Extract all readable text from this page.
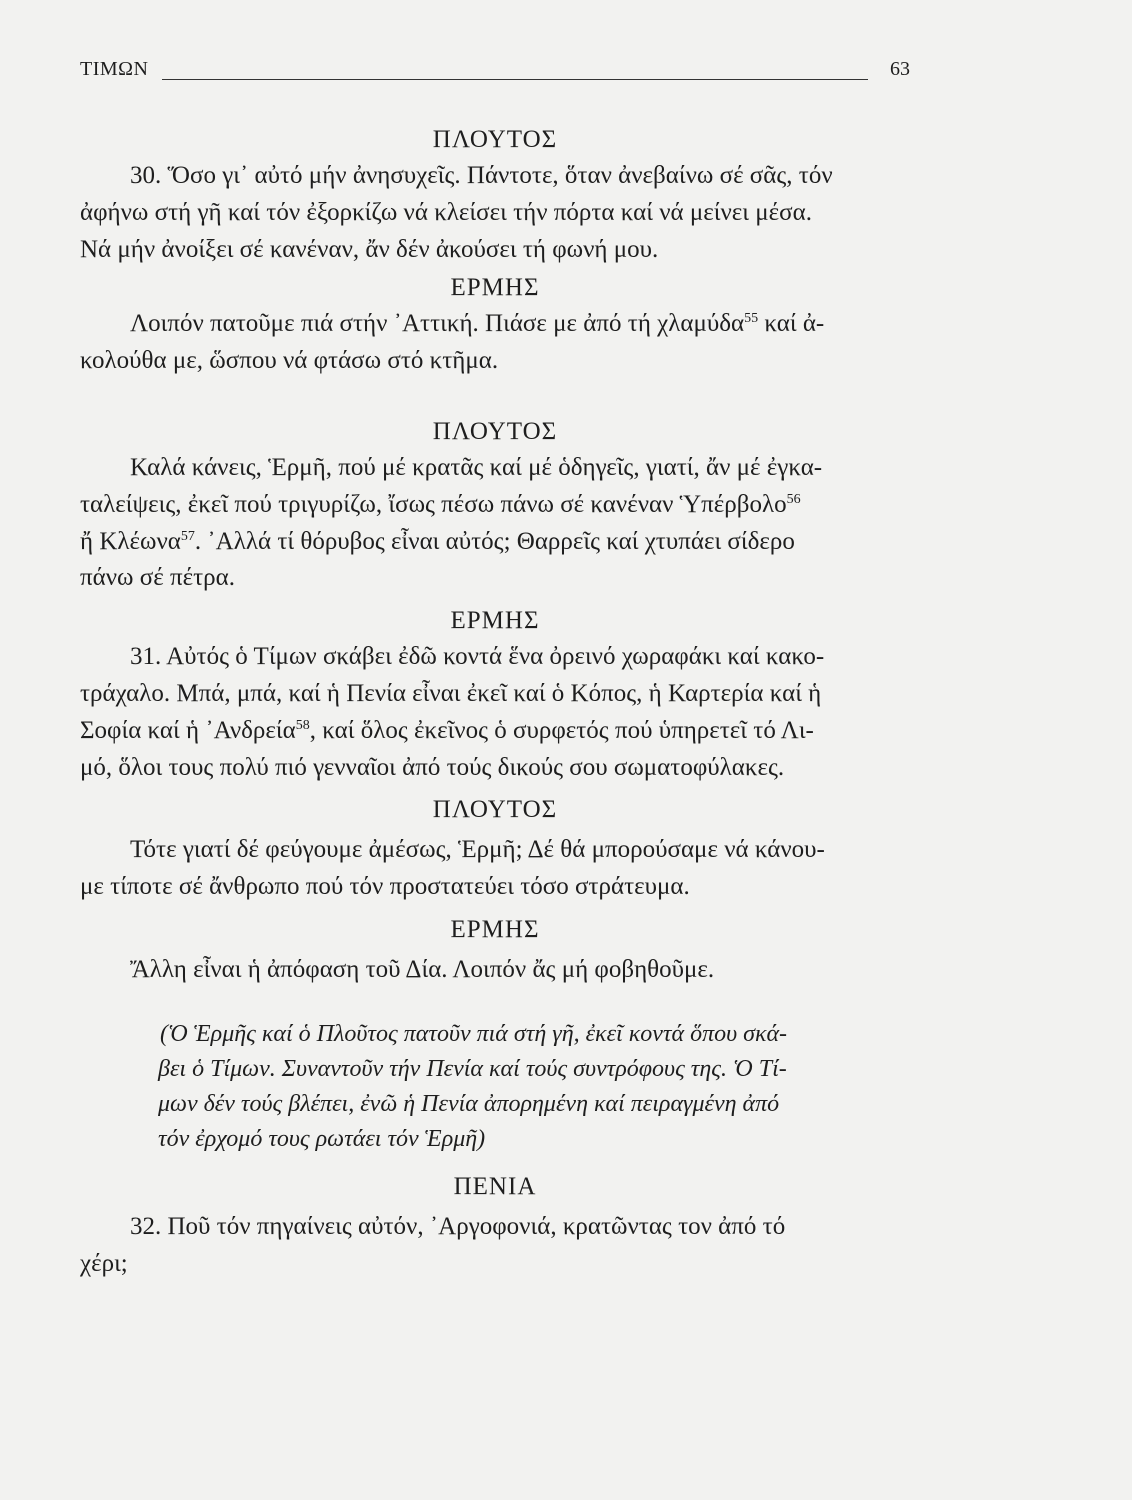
ΤΙΜΩΝ	63
ΠΛΟΥΤΟΣ

30. Ὅσο γι᾽ αὐτό μήν ἀνησυχεῖς. Πάντοτε, ὅταν ἀνεβαίνω σέ σᾶς, τόν

ἀφήνω στή γῆ καί τόν ἐξορκίζω νά κλείσει τήν πόρτα καί νά μείνει μέσα.

Νά μήν ἀνοίξει σέ κανέναν, ἄν δέν ἀκούσει τή φωνή μου.

ΕΡΜΗΣ

Λοιπόν πατοῦμε πιά στήν ᾿Αττική. Πιάσε με ἀπό τή χλαμύδα$^{55}$ καί ἀ-

κολούθα με, ὥσπου νά φτάσω στό κτῆμα.

ΠΛΟΥΤΟΣ

Καλά κάνεις, Ἑρμῆ, πού μέ κρατᾶς καί μέ ὁδηγεῖς, γιατί, ἄν μέ ἐγκα-

ταλείψεις, ἐκεῖ πού τριγυρίζω, ἴσως πέσω πάνω σέ κανέναν Ὑπέρβολο$^{56}$

ἤ Κλέωνα$^{57}$. ᾿Αλλά τί θόρυβος εἶναι αὐτός; Θαρρεῖς καί χτυπάει σίδερο

πάνω σέ πέτρα.

ΕΡΜΗΣ

31. Αὐτός ὁ Τίμων σκάβει ἐδῶ κοντά ἕνα ὀρεινό χωραφάκι καί κακο-

τράχαλο. Μπά, μπά, καί ἡ Πενία εἶναι ἐκεῖ καί ὁ Κόπος, ἡ Καρτερία καί ἡ

Σοφία καί ἡ ᾿Ανδρεία$^{58}$, καί ὅλος ἐκεῖνος ὁ συρφετός πού ὑπηρετεῖ τό Λι-

μό, ὅλοι τους πολύ πιό γενναῖοι ἀπό τούς δικούς σου σωματοφύλακες.

ΠΛΟΥΤΟΣ

Τότε γιατί δέ φεύγουμε ἀμέσως, Ἑρμῆ; Δέ θά μπορούσαμε νά κάνου-

με τίποτε σέ ἄνθρωπο πού τόν προστατεύει τόσο στράτευμα.

ΕΡΜΗΣ

Ἄλλη εἶναι ἡ ἀπόφαση τοῦ Δία. Λοιπόν ἄς μή φοβηθοῦμε.

(Ὁ Ἑρμῆς καί ὁ Πλοῦτος πατοῦν πιά στή γῆ, ἐκεῖ κοντά ὅπου σκά-

βει ὁ Τίμων. Συναντοῦν τήν Πενία καί τούς συντρόφους της. Ὁ Τί-

μων δέν τούς βλέπει, ἐνῶ ἡ Πενία ἀπορημένη καί πειραγμένη ἀπό

τόν ἐρχομό τους ρωτάει τόν Ἑρμῆ)

ΠΕΝΙΑ

32. Ποῦ τόν πηγαίνεις αὐτόν, ᾿Αργοφονιά, κρατῶντας τον ἀπό τό

χέρι;
